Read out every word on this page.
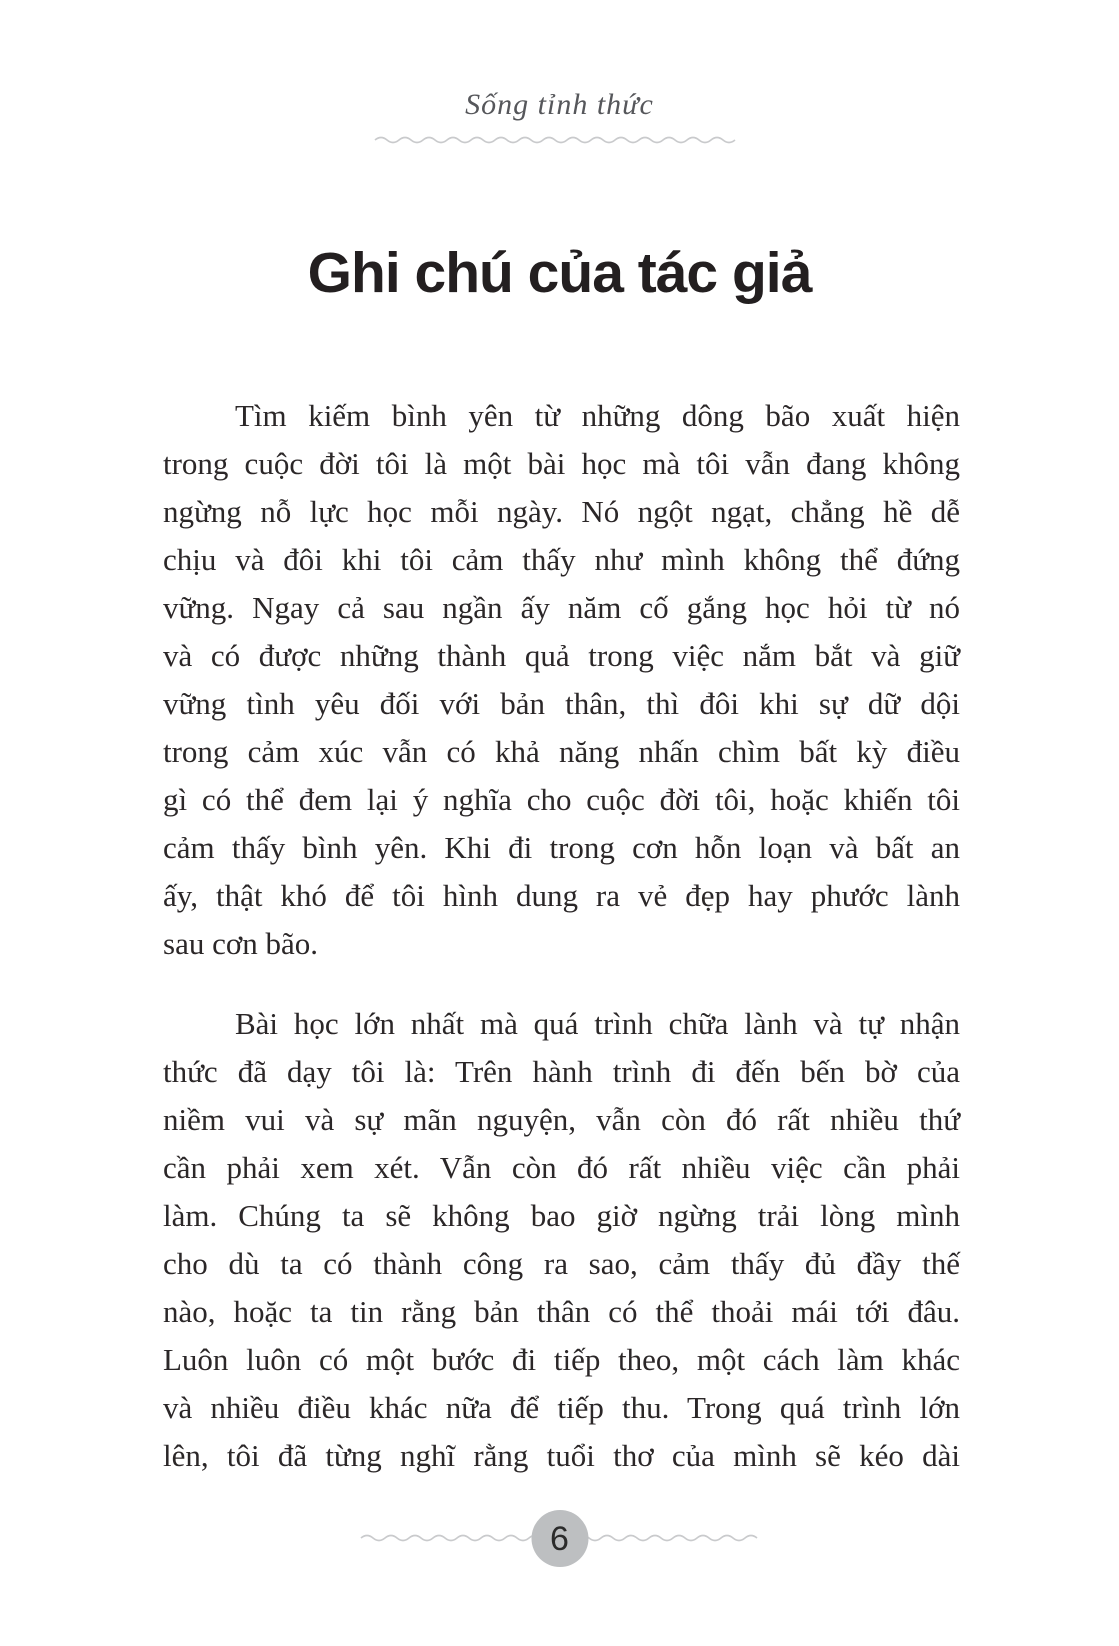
Sống tỉnh thức
Ghi chú của tác giả
Tìm kiếm bình yên từ những dông bão xuất hiện
trong cuộc đời tôi là một bài học mà tôi vẫn đang không
ngừng nỗ lực học mỗi ngày. Nó ngột ngạt, chẳng hề dễ
chịu và đôi khi tôi cảm thấy như mình không thể đứng
vững. Ngay cả sau ngần ấy năm cố gắng học hỏi từ nó
và có được những thành quả trong việc nắm bắt và giữ
vững tình yêu đối với bản thân, thì đôi khi sự dữ dội
trong cảm xúc vẫn có khả năng nhấn chìm bất kỳ điều
gì có thể đem lại ý nghĩa cho cuộc đời tôi, hoặc khiến tôi
cảm thấy bình yên. Khi đi trong cơn hỗn loạn và bất an
ấy, thật khó để tôi hình dung ra vẻ đẹp hay phước lành
sau cơn bão.
Bài học lớn nhất mà quá trình chữa lành và tự nhận
thức đã dạy tôi là: Trên hành trình đi đến bến bờ của
niềm vui và sự mãn nguyện, vẫn còn đó rất nhiều thứ
cần phải xem xét. Vẫn còn đó rất nhiều việc cần phải
làm. Chúng ta sẽ không bao giờ ngừng trải lòng mình
cho dù ta có thành công ra sao, cảm thấy đủ đầy thế
nào, hoặc ta tin rằng bản thân có thể thoải mái tới đâu.
Luôn luôn có một bước đi tiếp theo, một cách làm khác
và nhiều điều khác nữa để tiếp thu. Trong quá trình lớn
lên, tôi đã từng nghĩ rằng tuổi thơ của mình sẽ kéo dài
6
